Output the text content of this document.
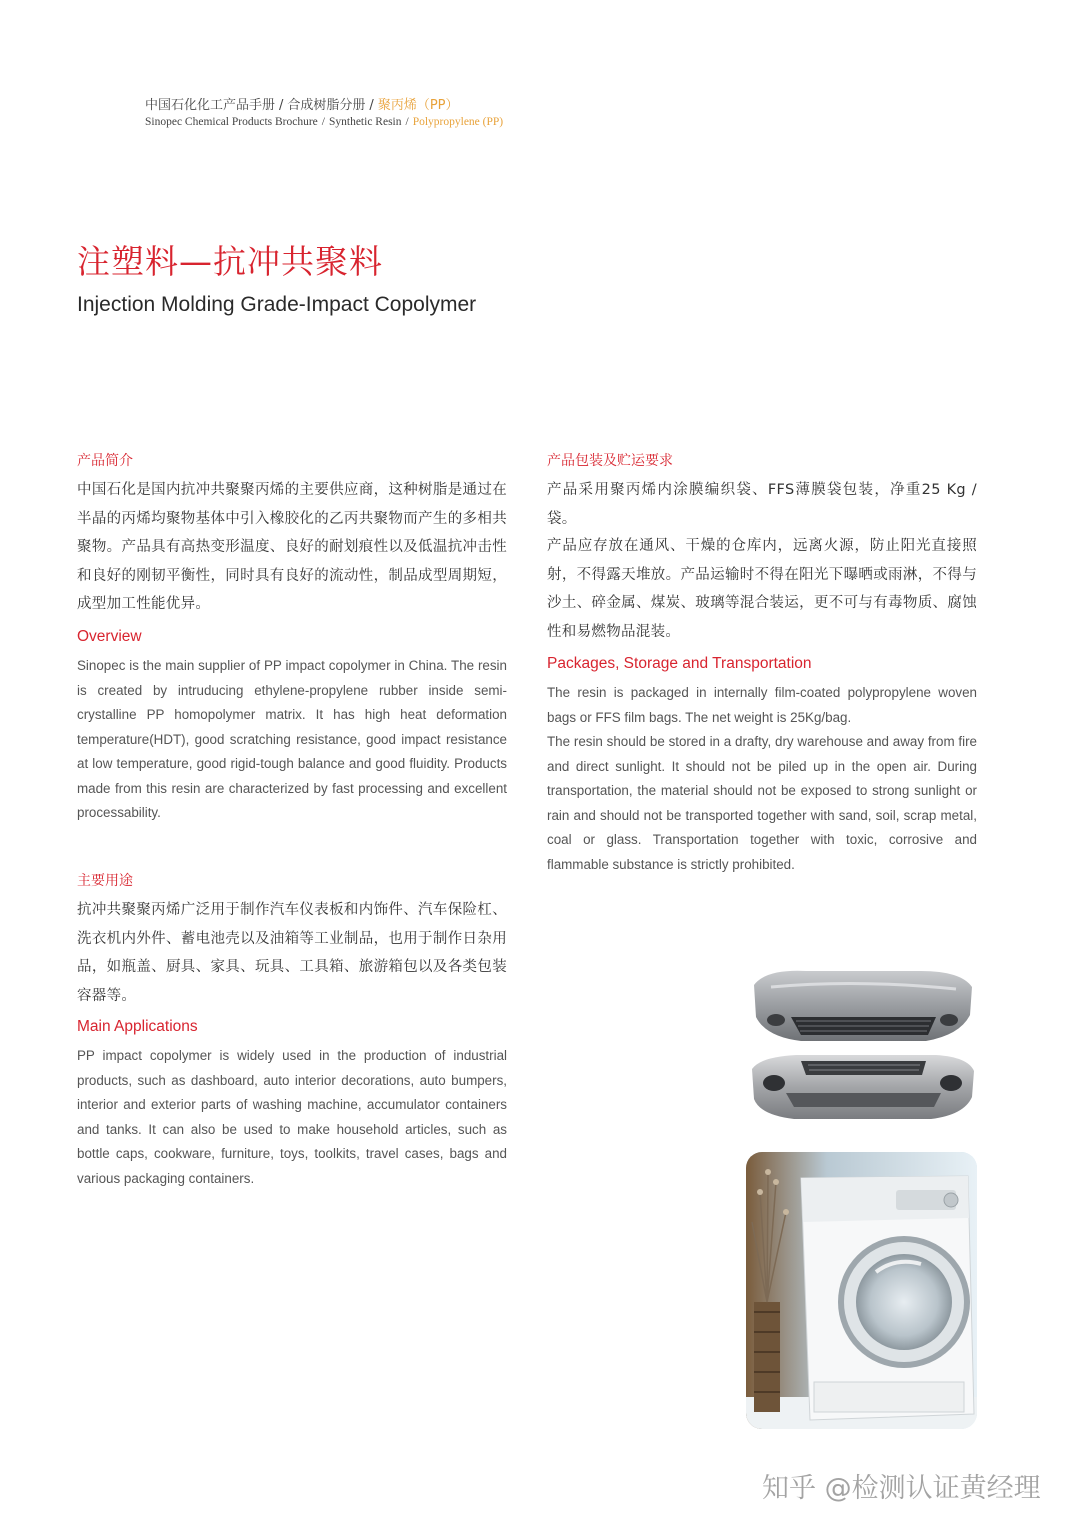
中国石化化工产品手册 / 合成树脂分册 / 聚丙烯（PP）
Sinopec Chemical Products Brochure / Synthetic Resin / Polypropylene (PP)
注塑料—抗冲共聚料
Injection Molding Grade-Impact Copolymer
产品简介
中国石化是国内抗冲共聚聚丙烯的主要供应商，这种树脂是通过在半晶的丙烯均聚物基体中引入橡胶化的乙丙共聚物而产生的多相共聚物。产品具有高热变形温度、良好的耐划痕性以及低温抗冲击性和良好的刚韧平衡性，同时具有良好的流动性，制品成型周期短，成型加工性能优异。
Overview
Sinopec is the main supplier of PP impact copolymer in China. The resin is created by intruducing ethylene-propylene rubber inside semi-crystalline PP homopolymer matrix. It has high heat deformation temperature(HDT), good scratching resistance, good impact resistance at low temperature, good rigid-tough balance and good fluidity. Products made from this resin are characterized by fast processing and excellent processability.
主要用途
抗冲共聚聚丙烯广泛用于制作汽车仪表板和内饰件、汽车保险杠、洗衣机内外件、蓄电池壳以及油箱等工业制品，也用于制作日杂用品，如瓶盖、厨具、家具、玩具、工具箱、旅游箱包以及各类包装容器等。
Main Applications
PP impact copolymer is widely used in the production of industrial products, such as dashboard, auto interior decorations, auto bumpers, interior and exterior parts of washing machine, accumulator containers and tanks. It can also be used to make household articles, such as bottle caps, cookware, furniture, toys, toolkits, travel cases, bags and various packaging containers.
产品包装及贮运要求
产品采用聚丙烯内涂膜编织袋、FFS薄膜袋包装，净重25 Kg /袋。
产品应存放在通风、干燥的仓库内，远离火源，防止阳光直接照射，不得露天堆放。产品运输时不得在阳光下曝晒或雨淋，不得与沙土、碎金属、煤炭、玻璃等混合装运，更不可与有毒物质、腐蚀性和易燃物品混装。
Packages, Storage and Transportation
The resin is packaged in internally film-coated polypropylene woven bags or FFS film bags. The net weight is 25Kg/bag.
The resin should be stored in a drafty, dry warehouse and away from fire and direct sunlight. It should not be piled up in the open air. During transportation, the material should not be exposed to strong sunlight or rain and should not be transported together with sand, soil, scrap metal, coal or glass. Transportation together with toxic, corrosive and flammable substance is strictly prohibited.
知乎 @检测认证黄经理
